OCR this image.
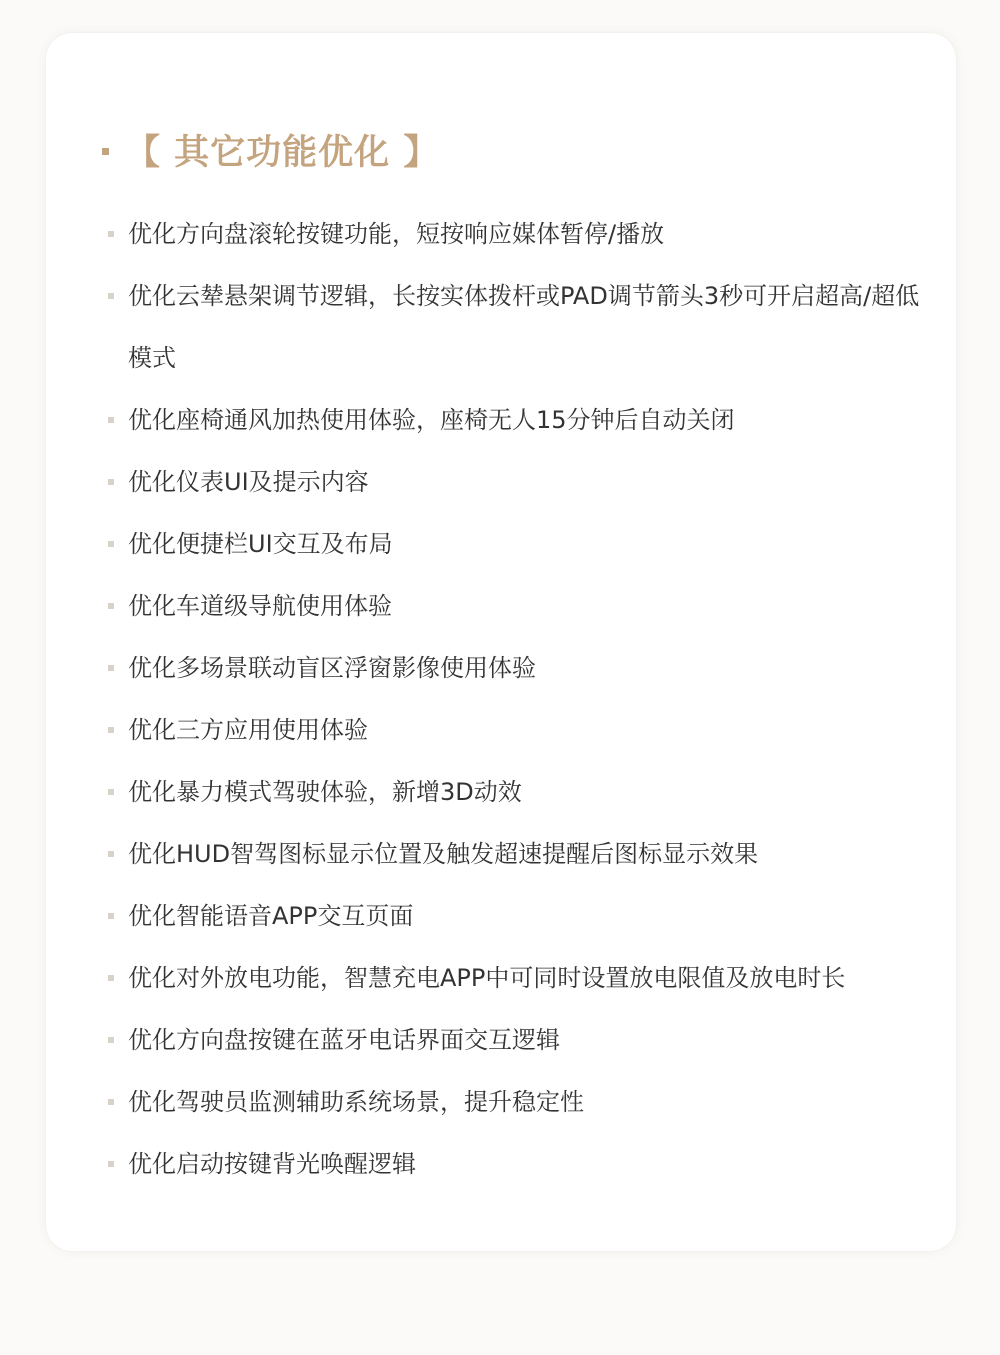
【 其它功能优化 】
优化方向盘滚轮按键功能，短按响应媒体暂停/播放
优化云辇悬架调节逻辑，长按实体拨杆或PAD调节箭头3秒可开启超高/超低模式
优化座椅通风加热使用体验，座椅无人15分钟后自动关闭
优化仪表UI及提示内容
优化便捷栏UI交互及布局
优化车道级导航使用体验
优化多场景联动盲区浮窗影像使用体验
优化三方应用使用体验
优化暴力模式驾驶体验，新增3D动效
优化HUD智驾图标显示位置及触发超速提醒后图标显示效果
优化智能语音APP交互页面
优化对外放电功能，智慧充电APP中可同时设置放电限值及放电时长
优化方向盘按键在蓝牙电话界面交互逻辑
优化驾驶员监测辅助系统场景，提升稳定性
优化启动按键背光唤醒逻辑
